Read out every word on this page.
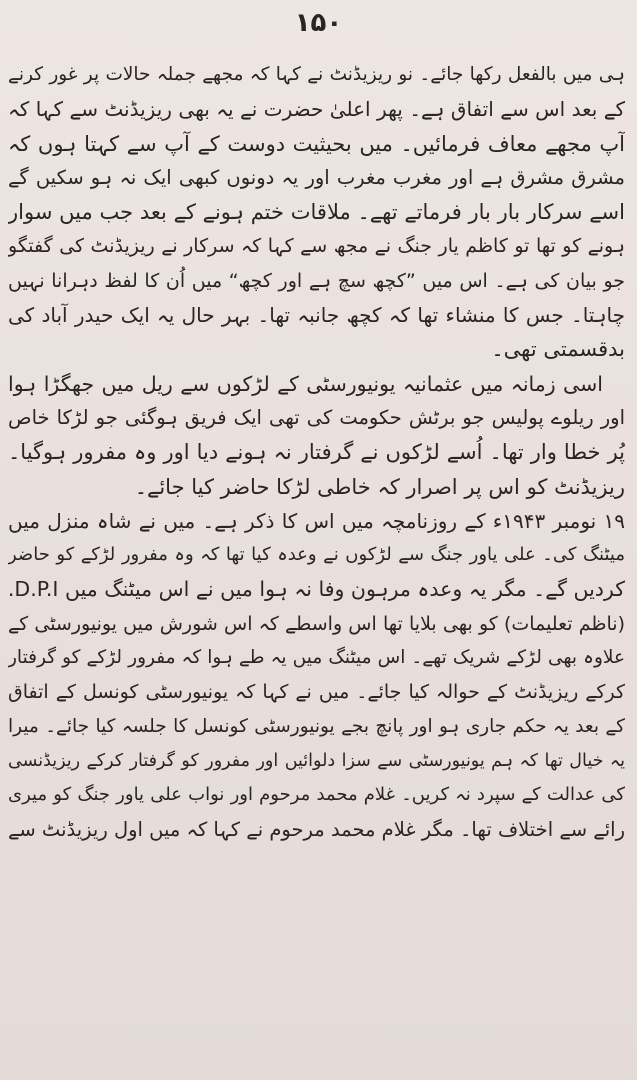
۱۵۰
ہی میں بالفعل رکھا جائے۔ نو ریزیڈنٹ نے کہا کہ مجھے جملہ حالات پر غور کرنے
کے بعد اس سے اتفاق ہے۔ پھر اعلیٰ حضرت نے یہ بھی ریزیڈنٹ سے کہا کہ
آپ مجھے معاف فرمائیں۔ میں بحیثیت دوست کے آپ سے کہتا ہوں کہ
مشرق مشرق ہے اور مغرب مغرب اور یہ دونوں کبھی ایک نہ ہو سکیں گے
اسے سرکار بار بار فرماتے تھے۔ ملاقات ختم ہونے کے بعد جب میں سوار
ہونے کو تھا تو کاظم یار جنگ نے مجھ سے کہا کہ سرکار نے ریزیڈنٹ کی گفتگو
جو بیان کی ہے۔ اس میں ”کچھ سچ ہے اور کچھ“ میں اُن کا لفظ دہرانا نہیں
چاہتا۔ جس کا منشاء تھا کہ کچھ جانبہ تھا۔ بہر حال یہ ایک حیدر آباد کی
بدقسمتی تھی۔
اسی زمانہ میں عثمانیہ یونیورسٹی کے لڑکوں سے ریل میں جھگڑا ہوا
اور ریلوے پولیس جو برٹش حکومت کی تھی ایک فریق ہوگئی جو لڑکا خاص
پُر خطا وار تھا۔ اُسے لڑکوں نے گرفتار نہ ہونے دیا اور وہ مفرور ہوگیا۔
ریزیڈنٹ کو اس پر اصرار کہ خاطی لڑکا حاضر کیا جائے۔
۱۹ نومبر ۱۹۴۳ء کے روزنامچہ میں اس کا ذکر ہے۔ میں نے شاہ منزل میں
میٹنگ کی۔ علی یاور جنگ سے لڑکوں نے وعدہ کیا تھا کہ وہ مفرور لڑکے کو حاضر
کردیں گے۔ مگر یہ وعدہ مرہون وفا نہ ہوا میں نے اس میٹنگ میں D.P.I.
(ناظم تعلیمات) کو بھی بلایا تھا اس واسطے کہ اس شورش میں یونیورسٹی کے
علاوہ بھی لڑکے شریک تھے۔ اس میٹنگ میں یہ طے ہوا کہ مفرور لڑکے کو گرفتار
کرکے ریزیڈنٹ کے حوالہ کیا جائے۔ میں نے کہا کہ یونیورسٹی کونسل کے اتفاق
کے بعد یہ حکم جاری ہو اور پانچ بجے یونیورسٹی کونسل کا جلسہ کیا جائے۔ میرا
یہ خیال تھا کہ ہم یونیورسٹی سے سزا دلوائیں اور مفرور کو گرفتار کرکے ریزیڈنسی
کی عدالت کے سپرد نہ کریں۔ غلام محمد مرحوم اور نواب علی یاور جنگ کو میری
رائے سے اختلاف تھا۔ مگر غلام محمد مرحوم نے کہا کہ میں اول ریزیڈنٹ سے
